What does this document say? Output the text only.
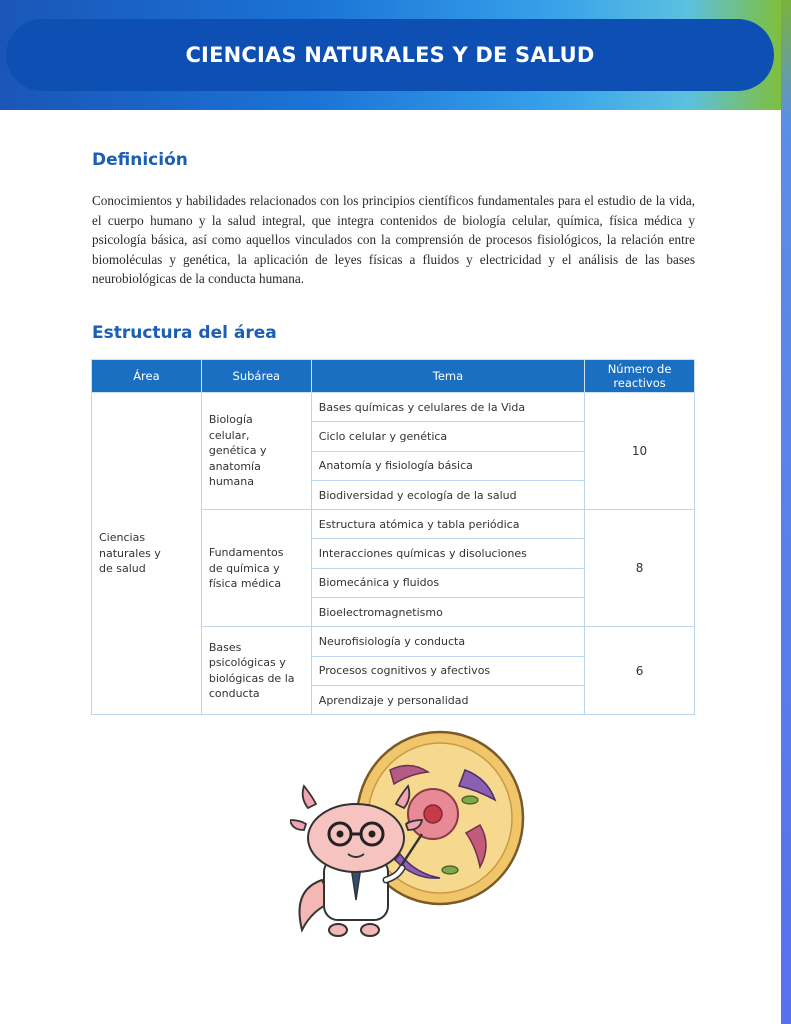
CIENCIAS NATURALES Y DE SALUD
Definición
Conocimientos y habilidades relacionados con los principios científicos fundamentales para el estudio de la vida, el cuerpo humano y la salud integral, que integra contenidos de biología celular, química, física médica y psicología básica, así como aquellos vinculados con la comprensión de procesos fisiológicos, la relación entre biomoléculas y genética, la aplicación de leyes físicas a fluidos y electricidad y el análisis de las bases neurobiológicas de la conducta humana.
Estructura del área
Área	Subárea	Tema	Número de reactivos

Ciencias naturales y de salud	Biología celular, genética y anatomía humana	Bases químicas y celulares de la Vida	10
		Ciclo celular y genética	
		Anatomía y fisiología básica	
		Biodiversidad y ecología de la salud	

	Fundamentos de química y física médica	Estructura atómica y tabla periódica	8
		Interacciones químicas y disoluciones	
		Biomecánica y fluidos	
		Bioelectromagnetismo	

	Bases psicológicas y biológicas de la conducta	Neurofisiología y conducta	6
		Procesos cognitivos y afectivos	
		Aprendizaje y personalidad	
